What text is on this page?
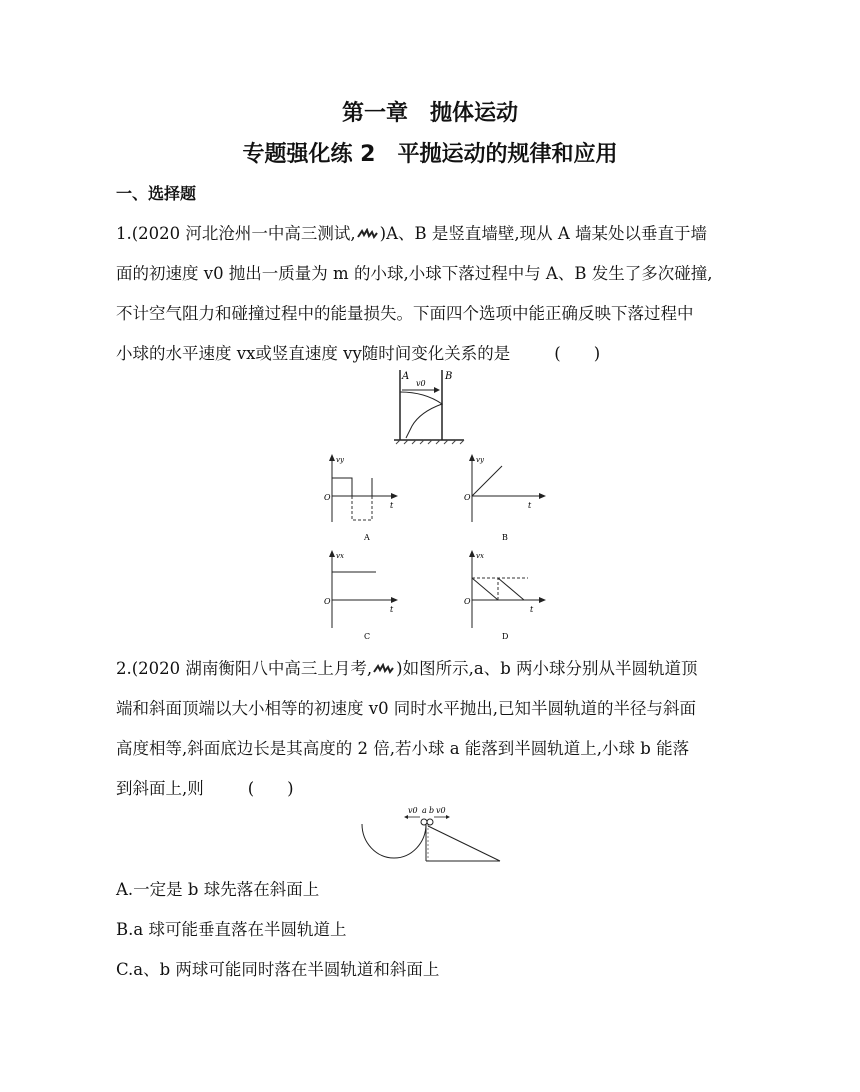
第一章　抛体运动
专题强化练 2　平抛运动的规律和应用
一、选择题
1.(2020 河北沧州一中高三测试, )A、B 是竖直墙壁,现从 A 墙某处以垂直于墙
面的初速度 v0 抛出一质量为 m 的小球,小球下落过程中与 A、B 发生了多次碰撞,
不计空气阻力和碰撞过程中的能量损失。下面四个选项中能正确反映下落过程中
小球的水平速度 vx或竖直速度 vy随时间变化关系的是	(　　)
A	B
v0
vy
O
t
A
vy
O
t
B
vx
O
t
C
vx
O
t
D
2.(2020 湖南衡阳八中高三上月考, )如图所示,a、b 两小球分别从半圆轨道顶
端和斜面顶端以大小相等的初速度 v0 同时水平抛出,已知半圆轨道的半径与斜面
高度相等,斜面底边长是其高度的 2 倍,若小球 a 能落到半圆轨道上,小球 b 能落
到斜面上,则	(　　)
v0 a b v0
A.一定是 b 球先落在斜面上
B.a 球可能垂直落在半圆轨道上
C.a、b 两球可能同时落在半圆轨道和斜面上
